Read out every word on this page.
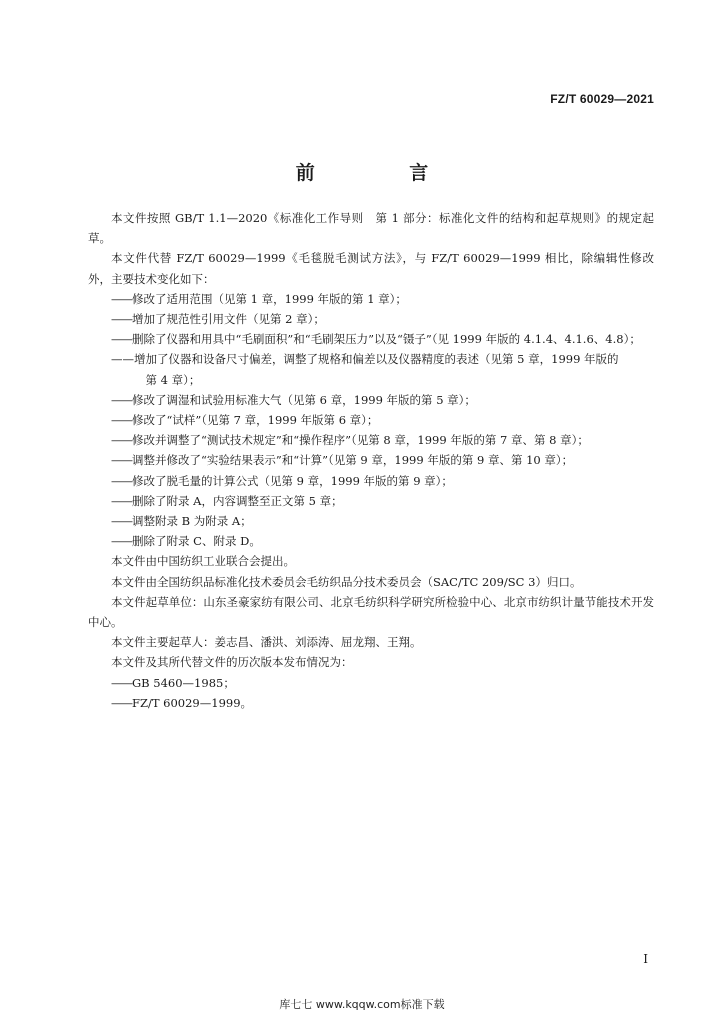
FZ/T 60029—2021
前 言

本文件按照 GB/T 1.1—2020《标准化工作导则　第 1 部分：标准化文件的结构和起草规则》的规定起草。

本文件代替 FZ/T 60029—1999《毛毯脱毛测试方法》，与 FZ/T 60029—1999 相比，除编辑性修改外，主要技术变化如下：

——修改了适用范围（见第 1 章，1999 年版的第 1 章）；

——增加了规范性引用文件（见第 2 章）；

——删除了仪器和用具中“毛刷面积”和“毛刷架压力”以及“镊子”（见 1999 年版的 4.1.4、4.1.6、4.8）；

——增加了仪器和设备尺寸偏差，调整了规格和偏差以及仪器精度的表述（见第 5 章，1999 年版的
第 4 章）；

——修改了调湿和试验用标准大气（见第 6 章，1999 年版的第 5 章）；

——修改了“试样”（见第 7 章，1999 年版第 6 章）；

——修改并调整了“测试技术规定”和“操作程序”（见第 8 章，1999 年版的第 7 章、第 8 章）；

——调整并修改了“实验结果表示”和“计算”（见第 9 章，1999 年版的第 9 章、第 10 章）；

——修改了脱毛量的计算公式（见第 9 章，1999 年版的第 9 章）；

——删除了附录 A，内容调整至正文第 5 章；

——调整附录 B 为附录 A；

——删除了附录 C、附录 D。

本文件由中国纺织工业联合会提出。

本文件由全国纺织品标准化技术委员会毛纺织品分技术委员会（SAC/TC 209/SC 3）归口。

本文件起草单位：山东圣豪家纺有限公司、北京毛纺织科学研究所检验中心、北京市纺织计量节能技术开发中心。

本文件主要起草人：姜志昌、潘洪、刘添涛、屈龙翔、王翔。

本文件及其所代替文件的历次版本发布情况为：

——GB 5460—1985；

——FZ/T 60029—1999。

I
库七七 www.kqqw.com标准下载
